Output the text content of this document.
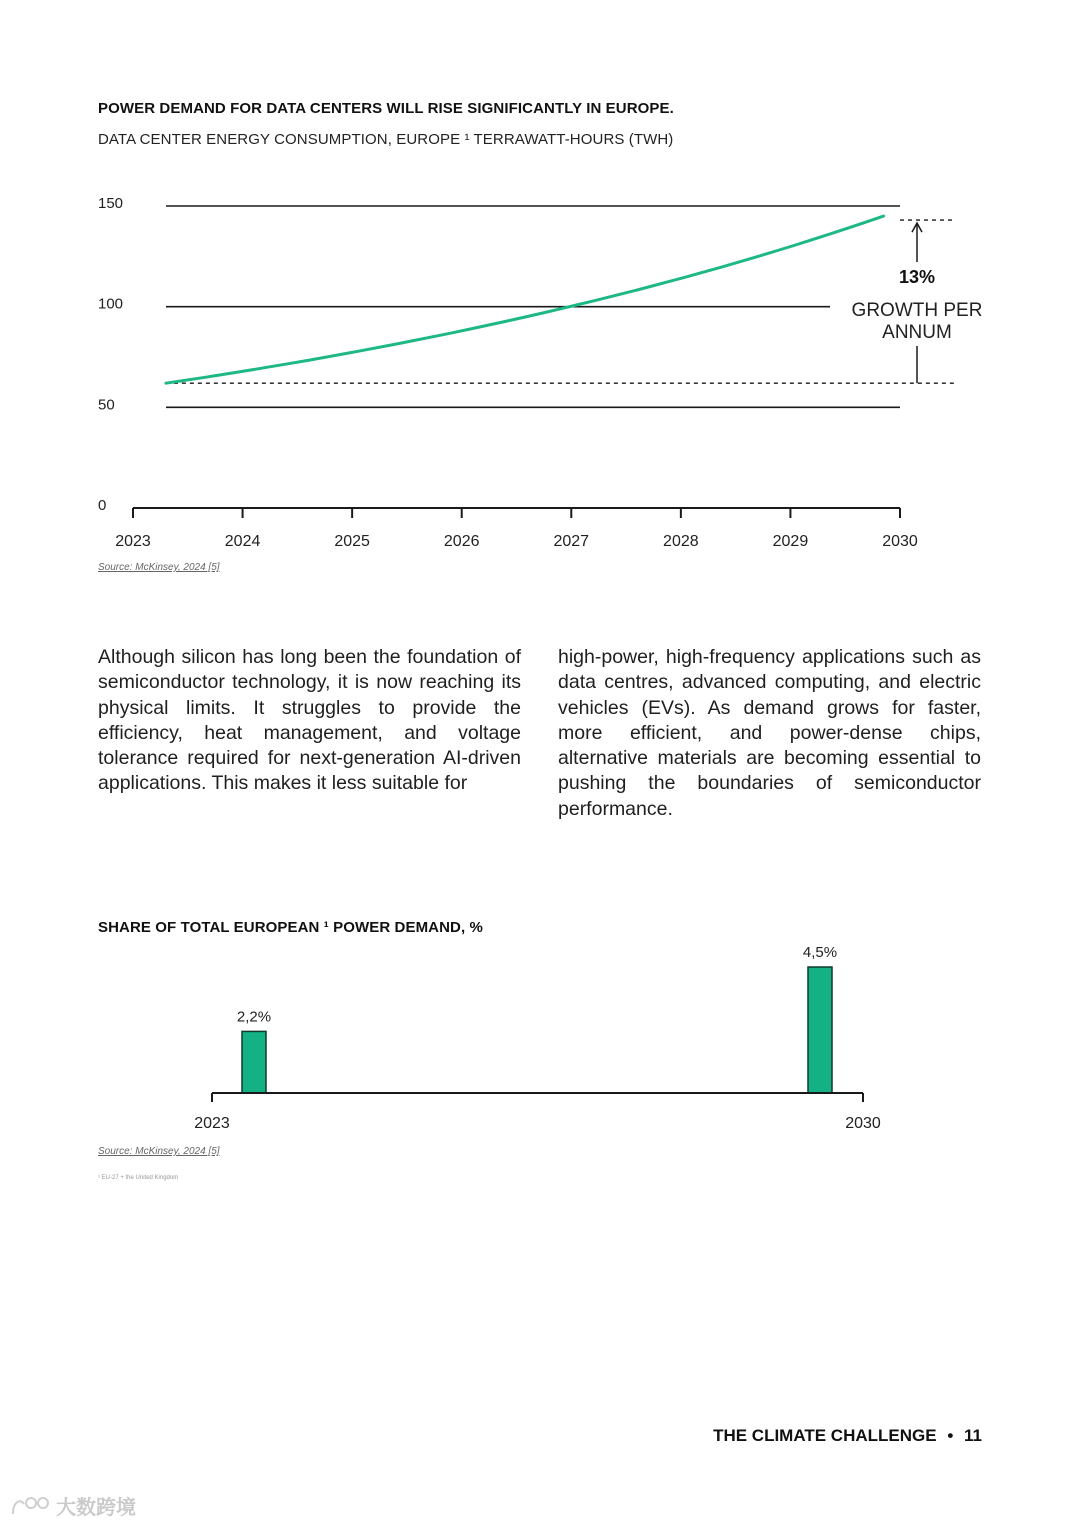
POWER DEMAND FOR DATA CENTERS WILL RISE SIGNIFICANTLY IN EUROPE.
DATA CENTER ENERGY CONSUMPTION, EUROPE ¹ TERRAWATT-HOURS (TWH)
0
50
100
150
2023	2024	2025	2026	2027	2028	2029	2030
13%
GROWTH PER
ANNUM
Source: McKinsey, 2024 [5]
Although silicon has long been the foundation of semiconductor technology, it is now reaching its physical limits. It struggles to provide the efficiency, heat management, and voltage tolerance required for next-generation AI-driven applications. This makes it less suitable for
high-power, high-frequency applications such as data centres, advanced computing, and electric vehicles (EVs). As demand grows for faster, more efficient, and power-dense chips, alternative materials are becoming essential to pushing the boundaries of semiconductor performance.
SHARE OF TOTAL EUROPEAN ¹ POWER DEMAND, %
2,2%
4,5%
2023	2030
Source: McKinsey, 2024 [5]
¹ EU-27 + the United Kingdom
THE CLIMATE CHALLENGE • 11
大数跨境
